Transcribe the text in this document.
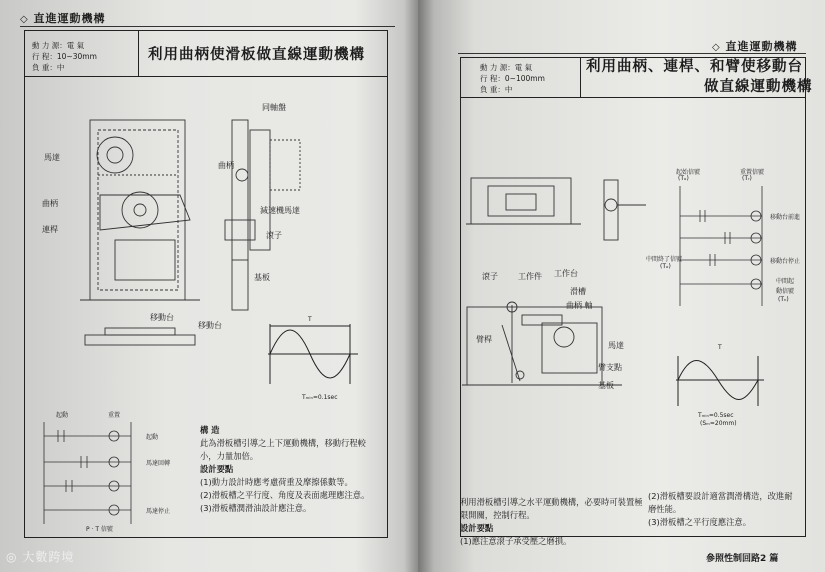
◇ 直進運動機構
動 力 源：電 氣
行 程：10~30mm
負 重：中
利用曲柄使滑板做直線運動機構
馬達
曲柄
連桿
移動台
同軸盤
曲柄
減速機馬達
滾子
基板
移動台
T
Tₘᵢₙ=0.1sec
起動	重置
起動
馬達回轉
馬達停止
P · T 信號
構 造
此為滑板槽引導之上下運動機構，移動行程較小，力量加倍。
設計要點
(1)動力設計時應考慮荷重及摩擦係數等。
(2)滑板槽之平行度、角度及表面處理應注意。
(3)滑板槽潤滑油設計應注意。
◇ 直進運動機構
動 力 源：電 氣
行 程：0~100mm
負 重：中
利用曲柄、連桿、和臂使移動台
做直線運動機構
滾子	工作件 工作台
滑槽
曲柄 軸
臂桿
馬達
臂支點
基板
起始信號
(Tₒ)
重置信號
(Tᵣ)
移動台前進
中間終了信號
(Tₒ)
移動台停止
中間起
動信號
(Tₙ)
T
Tₘᵢₙ=0.5sec
(Sₘ=20mm)
利用滑板槽引導之水平運動機構，必要時可裝置極限開關，控制行程。
設計要點
(1)應注意滾子承受壓之磨損。
(2)滑板槽要設計適當潤滑構造，改進耐磨性能。
(3)滑板槽之平行度應注意。
參照性制回路2 篇
◎ 大數跨境
